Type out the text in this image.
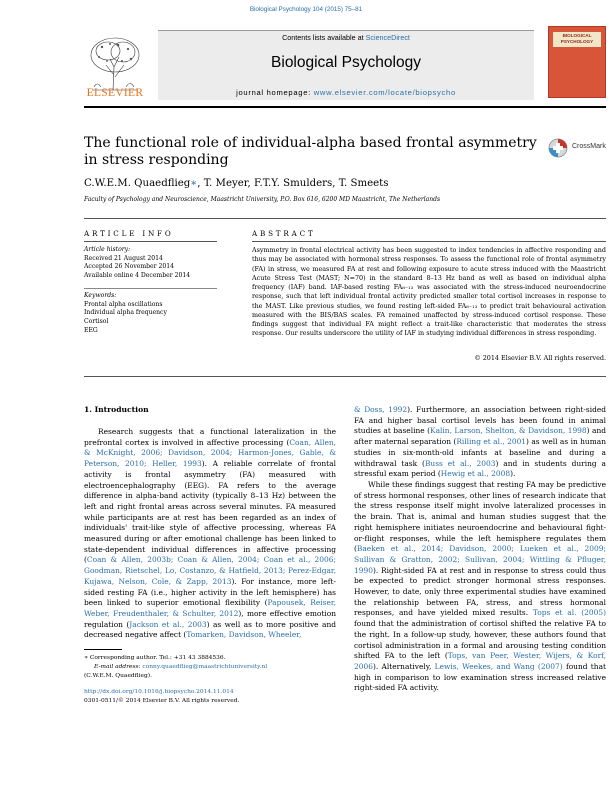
Biological Psychology 104 (2015) 75–81
ELSEVIER
Contents lists available at ScienceDirect
Biological Psychology
journal homepage: www.elsevier.com/locate/biopsycho
BIOLOGICAL PSYCHOLOGY
The functional role of individual-alpha based frontal asymmetry in stress responding
CrossMark
C.W.E.M. Quaedflieg∗, T. Meyer, F.T.Y. Smulders, T. Smeets
Faculty of Psychology and Neuroscience, Maastricht University, P.O. Box 616, 6200 MD Maastricht, The Netherlands
ARTICLE INFO	ABSTRACT
Article history:
Received 21 August 2014
Accepted 26 November 2014
Available online 4 December 2014
Keywords:
Frontal alpha oscillations
Individual alpha frequency
Cortisol
EEG
Asymmetry in frontal electrical activity has been suggested to index tendencies in affective responding and thus may be associated with hormonal stress responses. To assess the functional role of frontal asymmetry (FA) in stress, we measured FA at rest and following exposure to acute stress induced with the Maastricht Acute Stress Test (MAST; N=70) in the standard 8–13 Hz band as well as based on individual alpha frequency (IAF) band. IAF-based resting FA₈₋₁₃ was associated with the stress-induced neuroendocrine response, such that left individual frontal activity predicted smaller total cortisol increases in response to the MAST. Like previous studies, we found resting left-sided FA₈₋₁₃ to predict trait behavioural activation measured with the BIS/BAS scales. FA remained unaffected by stress-induced cortisol response. These findings suggest that individual FA might reflect a trait-like characteristic that moderates the stress response. Our results underscore the utility of IAF in studying individual differences in stress responding.
© 2014 Elsevier B.V. All rights reserved.
1. Introduction
Research suggests that a functional lateralization in the prefrontal cortex is involved in affective processing (Coan, Allen, & McKnight, 2006; Davidson, 2004; Harmon-Jones, Gable, & Peterson, 2010; Heller, 1993). A reliable correlate of frontal activity is frontal asymmetry (FA) measured with electroencephalography (EEG). FA refers to the average difference in alpha-band activity (typically 8–13 Hz) between the left and right frontal areas across several minutes. FA measured while participants are at rest has been regarded as an index of individuals' trait-like style of affective processing, whereas FA measured during or after emotional challenge has been linked to state-dependent individual differences in affective processing (Coan & Allen, 2003b; Coan & Allen, 2004; Coan et al., 2006; Goodman, Rietschel, Lo, Costanzo, & Hatfield, 2013; Perez-Edgar, Kujawa, Nelson, Cole, & Zapp, 2013). For instance, more left-sided resting FA (i.e., higher activity in the left hemisphere) has been linked to superior emotional flexibility (Papousek, Reiser, Weber, Freudenthaler, & Schulter, 2012), more effective emotion regulation (Jackson et al., 2003) as well as to more positive and decreased negative affect (Tomarken, Davidson, Wheeler,
& Doss, 1992). Furthermore, an association between right-sided FA and higher basal cortisol levels has been found in animal studies at baseline (Kalin, Larson, Shelton, & Davidson, 1998) and after maternal separation (Rilling et al., 2001) as well as in human studies in six-month-old infants at baseline and during a withdrawal task (Buss et al., 2003) and in students during a stressful exam period (Hewig et al., 2008).
While these findings suggest that resting FA may be predictive of stress hormonal responses, other lines of research indicate that the stress response itself might involve lateralized processes in the brain. That is, animal and human studies suggest that the right hemisphere initiates neuroendocrine and behavioural fight-or-flight responses, while the left hemisphere regulates them (Baeken et al., 2014; Davidson, 2000; Lueken et al., 2009; Sullivan & Gratton, 2002; Sullivan, 2004; Wittling & Pfluger, 1990). Right-sided FA at rest and in response to stress could thus be expected to predict stronger hormonal stress responses. However, to date, only three experimental studies have examined the relationship between FA, stress, and stress hormonal responses, and have yielded mixed results. Tops et al. (2005) found that the administration of cortisol shifted the relative FA to the right. In a follow-up study, however, these authors found that cortisol administration in a formal and arousing testing condition shifted FA to the left (Tops, van Peer, Wester, Wijers, & Korf, 2006). Alternatively, Lewis, Weekes, and Wang (2007) found that high in comparison to low examination stress increased relative right-sided FA activity.
∗ Corresponding author. Tel.: +31 43 3884536.
E-mail address: conny.quaedflieg@maastrichtuniversity.nl
(C.W.E.M. Quaedflieg).
http://dx.doi.org/10.1016/j.biopsycho.2014.11.014
0301-0511/© 2014 Elsevier B.V. All rights reserved.
